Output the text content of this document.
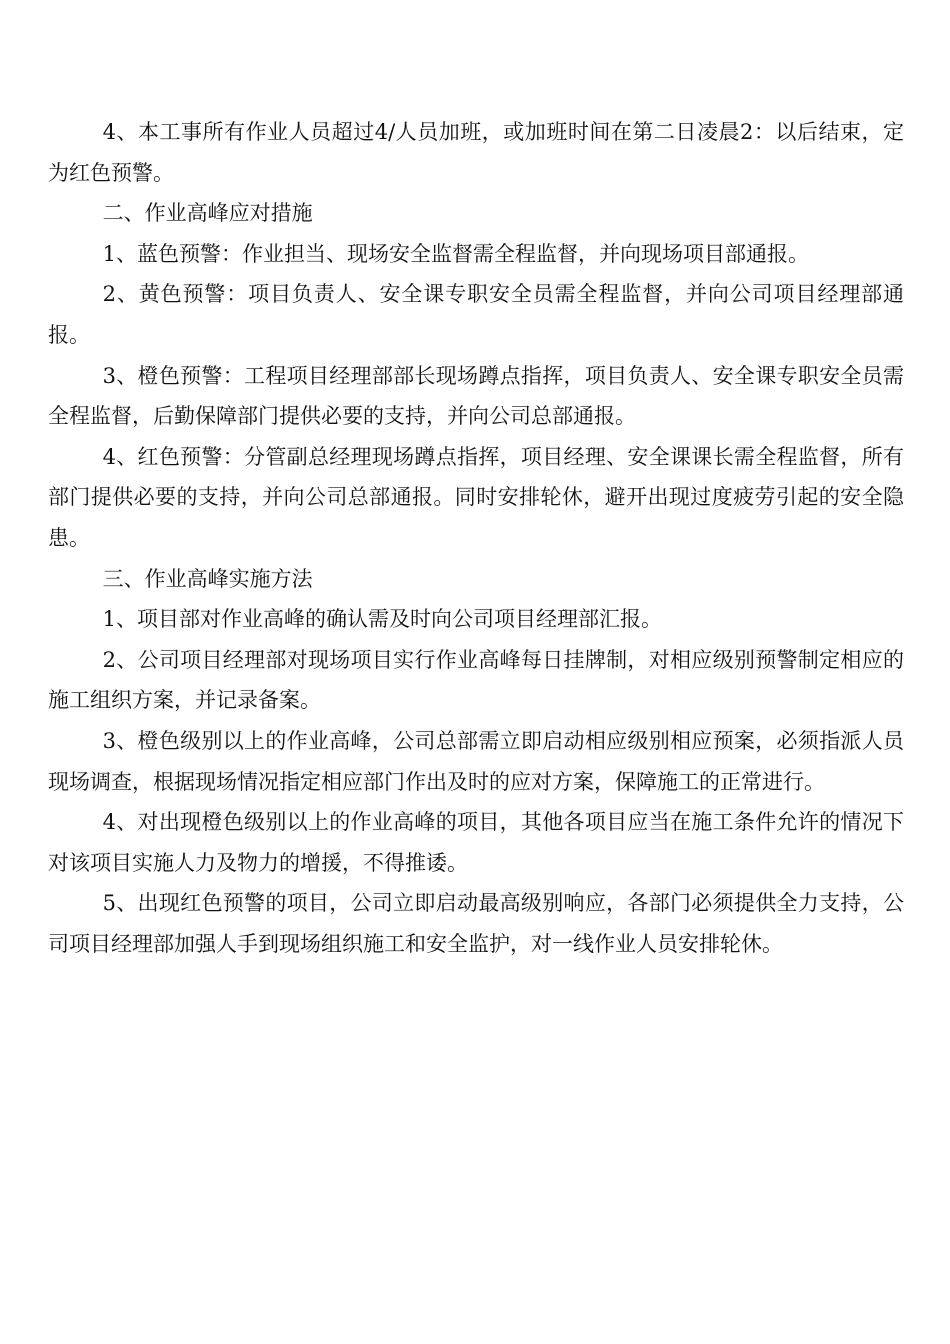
4、本工事所有作业人员超过4/人员加班，或加班时间在第二日凌晨2：以后结束，定为红色预警。

二、作业高峰应对措施

1、蓝色预警：作业担当、现场安全监督需全程监督，并向现场项目部通报。

2、黄色预警：项目负责人、安全课专职安全员需全程监督，并向公司项目经理部通报。

3、橙色预警：工程项目经理部部长现场蹲点指挥，项目负责人、安全课专职安全员需全程监督，后勤保障部门提供必要的支持，并向公司总部通报。

4、红色预警：分管副总经理现场蹲点指挥，项目经理、安全课课长需全程监督，所有部门提供必要的支持，并向公司总部通报。同时安排轮休，避开出现过度疲劳引起的安全隐患。

三、作业高峰实施方法

1、项目部对作业高峰的确认需及时向公司项目经理部汇报。

2、公司项目经理部对现场项目实行作业高峰每日挂牌制，对相应级别预警制定相应的施工组织方案，并记录备案。

3、橙色级别以上的作业高峰，公司总部需立即启动相应级别相应预案，必须指派人员现场调查，根据现场情况指定相应部门作出及时的应对方案，保障施工的正常进行。

4、对出现橙色级别以上的作业高峰的项目，其他各项目应当在施工条件允许的情况下对该项目实施人力及物力的增援，不得推诿。

5、出现红色预警的项目，公司立即启动最高级别响应，各部门必须提供全力支持，公司项目经理部加强人手到现场组织施工和安全监护，对一线作业人员安排轮休。
